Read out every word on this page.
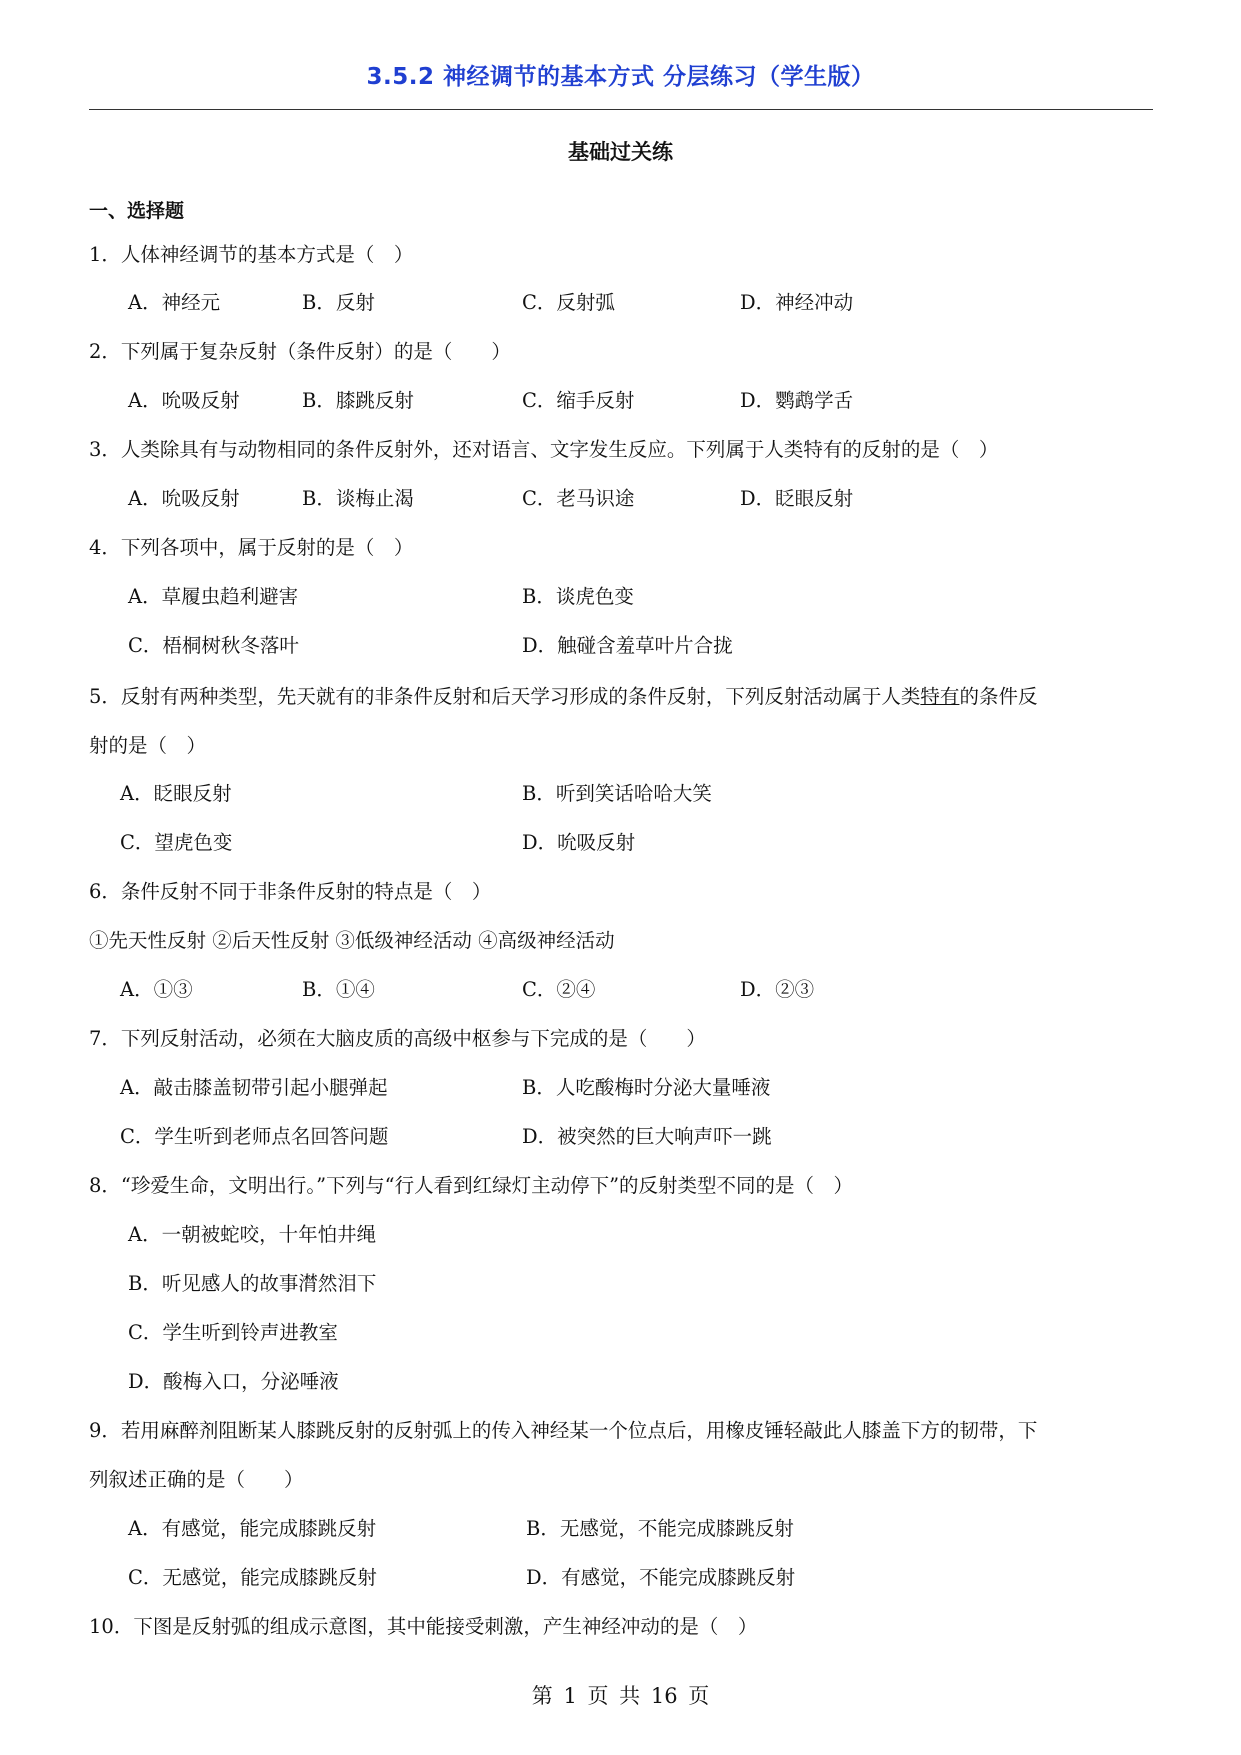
3.5.2 神经调节的基本方式 分层练习（学生版）
基础过关练
一、选择题
1．人体神经调节的基本方式是（　）
A．神经元	B．反射	C．反射弧	D．神经冲动
2．下列属于复杂反射（条件反射）的是（　　）
A．吮吸反射	B．膝跳反射	C．缩手反射	D．鹦鹉学舌
3．人类除具有与动物相同的条件反射外，还对语言、文字发生反应。下列属于人类特有的反射的是（　）
A．吮吸反射	B．谈梅止渴	C．老马识途	D．眨眼反射
4．下列各项中，属于反射的是（　）
A．草履虫趋利避害	B．谈虎色变
C．梧桐树秋冬落叶	D．触碰含羞草叶片合拢
5．反射有两种类型，先天就有的非条件反射和后天学习形成的条件反射，下列反射活动属于人类特有的条件反
射的是（　）
A．眨眼反射	B．听到笑话哈哈大笑
C．望虎色变	D．吮吸反射
6．条件反射不同于非条件反射的特点是（　）
①先天性反射 ②后天性反射 ③低级神经活动 ④高级神经活动
A．①③	B．①④	C．②④	D．②③
7．下列反射活动，必须在大脑皮质的高级中枢参与下完成的是（　　）
A．敲击膝盖韧带引起小腿弹起	B．人吃酸梅时分泌大量唾液
C．学生听到老师点名回答问题	D．被突然的巨大响声吓一跳
8．“珍爱生命，文明出行。”下列与“行人看到红绿灯主动停下”的反射类型不同的是（　）
A．一朝被蛇咬，十年怕井绳
B．听见感人的故事潸然泪下
C．学生听到铃声进教室
D．酸梅入口，分泌唾液
9．若用麻醉剂阻断某人膝跳反射的反射弧上的传入神经某一个位点后，用橡皮锤轻敲此人膝盖下方的韧带，下
列叙述正确的是（　　）
A．有感觉，能完成膝跳反射	B．无感觉，不能完成膝跳反射
C．无感觉，能完成膝跳反射	D．有感觉，不能完成膝跳反射
10．下图是反射弧的组成示意图，其中能接受刺激，产生神经冲动的是（　）
第 1 页 共 16 页
